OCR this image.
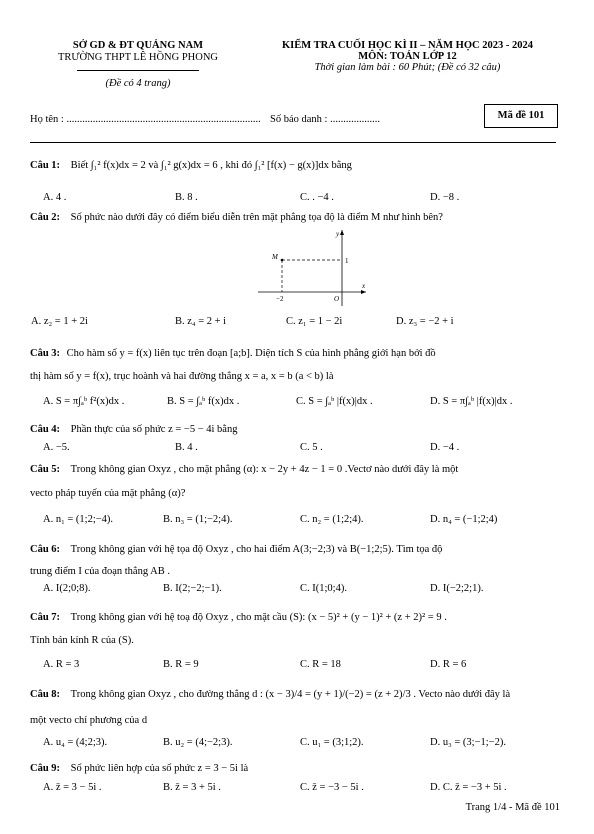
SỞ GD & ĐT QUẢNG NAM
TRƯỜNG THPT LÊ HỒNG PHONG
(Đề có 4 trang)
KIỂM TRA CUỐI HỌC KÌ II – NĂM HỌC 2023 - 2024
MÔN: TOÁN LỚP 12
Thời gian làm bài : 60 Phút; (Đề có 32 câu)
Họ tên : .......................................................................... Số báo danh : ...................	Mã đề 101
Câu 1: Biết ∫₁² f(x)dx = 2 và ∫₁² g(x)dx = 6 , khi đó ∫₁² [f(x) − g(x)]dx bằng
A. 4 .	B. 8 .	C. . −4 .	D. −8 .
Câu 2: Số phức nào dưới đây có điểm biểu diễn trên mặt phẳng tọa độ là điểm M như hình bên?
y
x
M	1
−2	O
A. z₂ = 1 + 2i	B. z₄ = 2 + i	C. z₁ = 1 − 2i	D. z₃ = −2 + i
Câu 3: Cho hàm số y = f(x) liên tục trên đoạn [a;b]. Diện tích S của hình phẳng giới hạn bởi đồ
thị hàm số y = f(x), trục hoành và hai đường thẳng x = a, x = b (a < b) là
A. S = π∫ₐᵇ f²(x)dx .	B. S = ∫ₐᵇ f(x)dx .	C. S = ∫ₐᵇ |f(x)|dx .	D. S = π∫ₐᵇ |f(x)|dx .
Câu 4: Phần thực của số phức z = −5 − 4i bằng
A. −5.	B. 4 .	C. 5 .	D. −4 .
Câu 5: Trong không gian Oxyz , cho mặt phẳng (α): x − 2y + 4z − 1 = 0 .Vectơ nào dưới đây là một
vecto pháp tuyến của mặt phẳng (α)?
A. n₁ = (1;2;−4).	B. n₃ = (1;−2;4).	C. n₂ = (1;2;4).	D. n₄ = (−1;2;4)
Câu 6: Trong không gian với hệ tọa độ Oxyz , cho hai điểm A(3;−2;3) và B(−1;2;5). Tìm tọa độ
trung điểm I của đoạn thẳng AB .
A. I(2;0;8).	B. I(2;−2;−1).	C. I(1;0;4).	D. I(−2;2;1).
Câu 7: Trong không gian với hệ toạ độ Oxyz , cho mặt cầu (S): (x − 5)² + (y − 1)² + (z + 2)² = 9 .
Tính bán kính R của (S).
A. R = 3	B. R = 9	C. R = 18	D. R = 6
Câu 8: Trong không gian Oxyz , cho đường thẳng d : (x − 3)/4 = (y + 1)/(−2) = (z + 2)/3 . Vecto nào dưới đây là
một vecto chỉ phương của d
A. u₄ = (4;2;3).	B. u₂ = (4;−2;3).	C. u₁ = (3;1;2).	D. u₃ = (3;−1;−2).
Câu 9: Số phức liên hợp của số phức z = 3 − 5i là
A. z̄ = 3 − 5i .	B. z̄ = 3 + 5i .	C. z̄ = −3 − 5i .	D. C. z̄ = −3 + 5i .
Trang 1/4 - Mã đề 101
